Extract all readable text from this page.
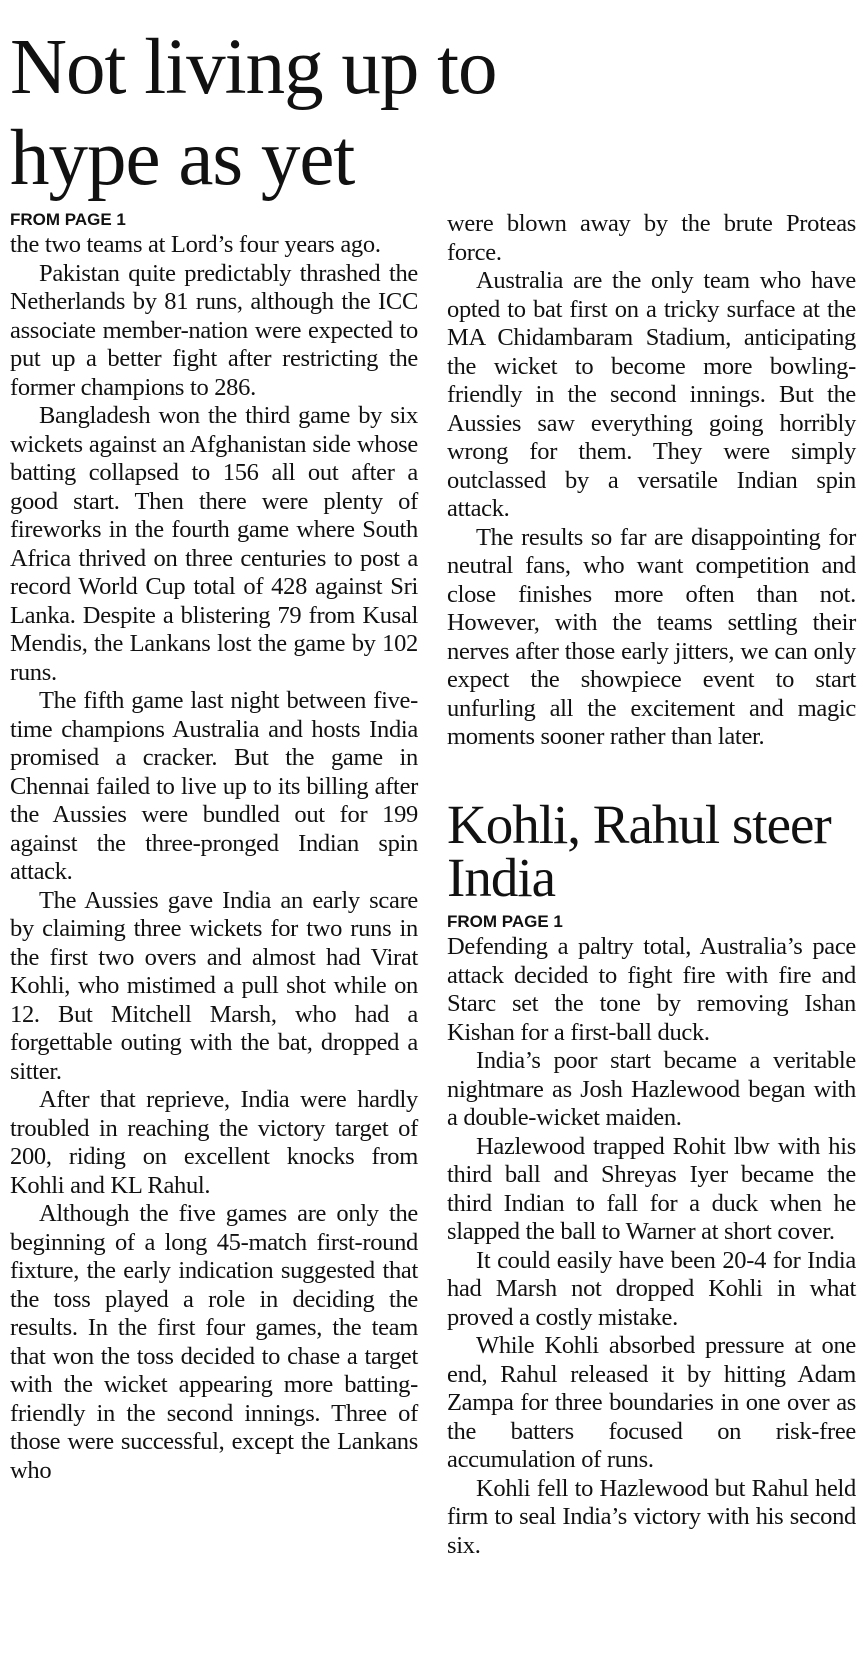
Not living up to hype as yet
FROM PAGE 1

the two teams at Lord’s four years ago.

Pakistan quite predictably thrashed the Netherlands by 81 runs, although the ICC associate member-nation were expected to put up a better fight after restricting the former champions to 286.

Bangladesh won the third game by six wickets against an Afghanistan side whose batting collapsed to 156 all out after a good start. Then there were plenty of fireworks in the fourth game where South Africa thrived on three centuries to post a record World Cup total of 428 against Sri Lanka. Despite a blistering 79 from Kusal Mendis, the Lankans lost the game by 102 runs.

The fifth game last night between five-time champions Australia and hosts India promised a cracker. But the game in Chennai failed to live up to its billing after the Aussies were bundled out for 199 against the three-pronged Indian spin attack.

The Aussies gave India an early scare by claiming three wickets for two runs in the first two overs and almost had Virat Kohli, who mistimed a pull shot while on 12. But Mitchell Marsh, who had a forgettable outing with the bat, dropped a sitter.

After that reprieve, India were hardly troubled in reaching the victory target of 200, riding on excellent knocks from Kohli and KL Rahul.

Although the five games are only the beginning of a long 45-match first-round fixture, the early indication suggested that the toss played a role in deciding the results. In the first four games, the team that won the toss decided to chase a target with the wicket appearing more batting-friendly in the second innings. Three of those were successful, except the Lankans who

were blown away by the brute Proteas force.

Australia are the only team who have opted to bat first on a tricky surface at the MA Chidambaram Stadium, anticipating the wicket to become more bowling-friendly in the second innings. But the Aussies saw everything going horribly wrong for them. They were simply outclassed by a versatile Indian spin attack.

The results so far are disappointing for neutral fans, who want competition and close finishes more often than not. However, with the teams settling their nerves after those early jitters, we can only expect the showpiece event to start unfurling all the excitement and magic moments sooner rather than later.

Kohli, Rahul steer India
FROM PAGE 1

Defending a paltry total, Australia’s pace attack decided to fight fire with fire and Starc set the tone by removing Ishan Kishan for a first-ball duck.

India’s poor start became a veritable nightmare as Josh Hazlewood began with a double-wicket maiden.

Hazlewood trapped Rohit lbw with his third ball and Shreyas Iyer became the third Indian to fall for a duck when he slapped the ball to Warner at short cover.

It could easily have been 20-4 for India had Marsh not dropped Kohli in what proved a costly mistake.

While Kohli absorbed pressure at one end, Rahul released it by hitting Adam Zampa for three boundaries in one over as the batters focused on risk-free accumulation of runs.

Kohli fell to Hazlewood but Rahul held firm to seal India’s victory with his second six.
